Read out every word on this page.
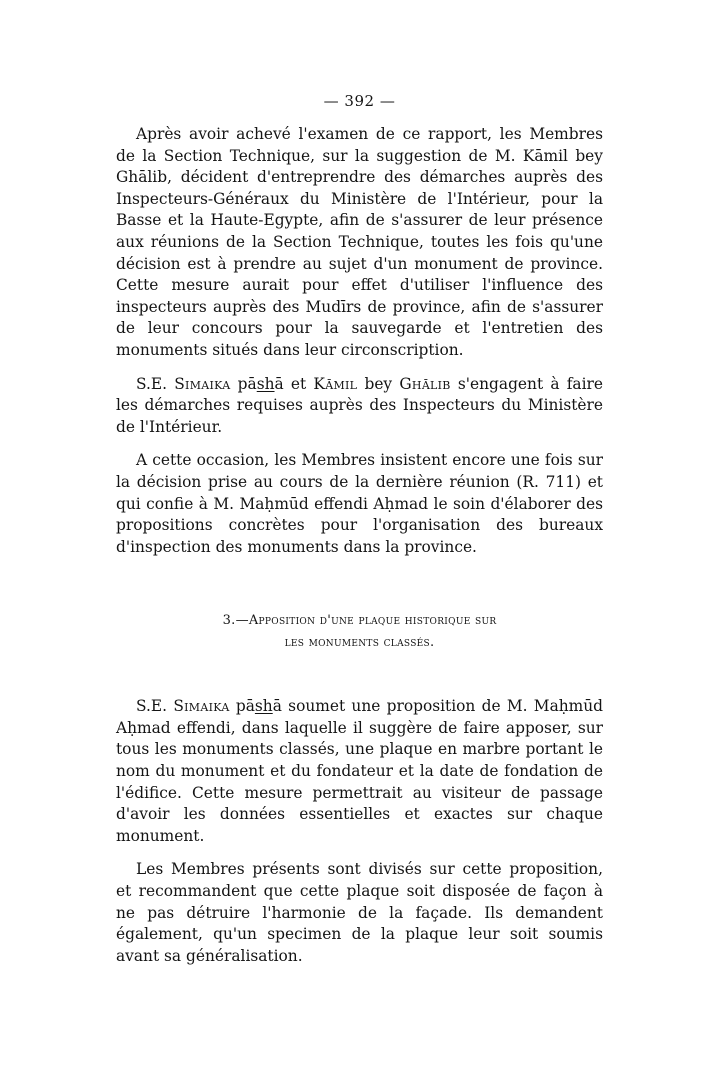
— 392 —

Après avoir achevé l'examen de ce rapport, les Membres de la Section Technique, sur la suggestion de M. Kāmil bey Ghālib, décident d'entreprendre des démarches auprès des Inspecteurs-Généraux du Ministère de l'Intérieur, pour la Basse et la Haute-Egypte, afin de s'assurer de leur présence aux réunions de la Section Technique, toutes les fois qu'une décision est à prendre au sujet d'un monument de province. Cette mesure aurait pour effet d'utiliser l'influence des inspecteurs auprès des Mudīrs de province, afin de s'assurer de leur concours pour la sauvegarde et l'entretien des monuments situés dans leur circonscription.

S.E. Simaika pāshā et Kāmil bey Ghālib s'engagent à faire les démarches requises auprès des Inspecteurs du Ministère de l'Intérieur.

A cette occasion, les Membres insistent encore une fois sur la décision prise au cours de la dernière réunion (R. 711) et qui confie à M. Maḥmūd effendi Aḥmad le soin d'élaborer des propositions concrètes pour l'organisation des bureaux d'inspection des monuments dans la province.

3.—Apposition d'une plaque historique sur
les monuments classés.

S.E. Simaika pāshā soumet une proposition de M. Maḥmūd Aḥmad effendi, dans laquelle il suggère de faire apposer, sur tous les monuments classés, une plaque en marbre portant le nom du monument et du fondateur et la date de fondation de l'édifice. Cette mesure permettrait au visiteur de passage d'avoir les données essentielles et exactes sur chaque monument.

Les Membres présents sont divisés sur cette proposition, et recommandent que cette plaque soit disposée de façon à ne pas détruire l'harmonie de la façade. Ils demandent également, qu'un specimen de la plaque leur soit soumis avant sa généralisation.
